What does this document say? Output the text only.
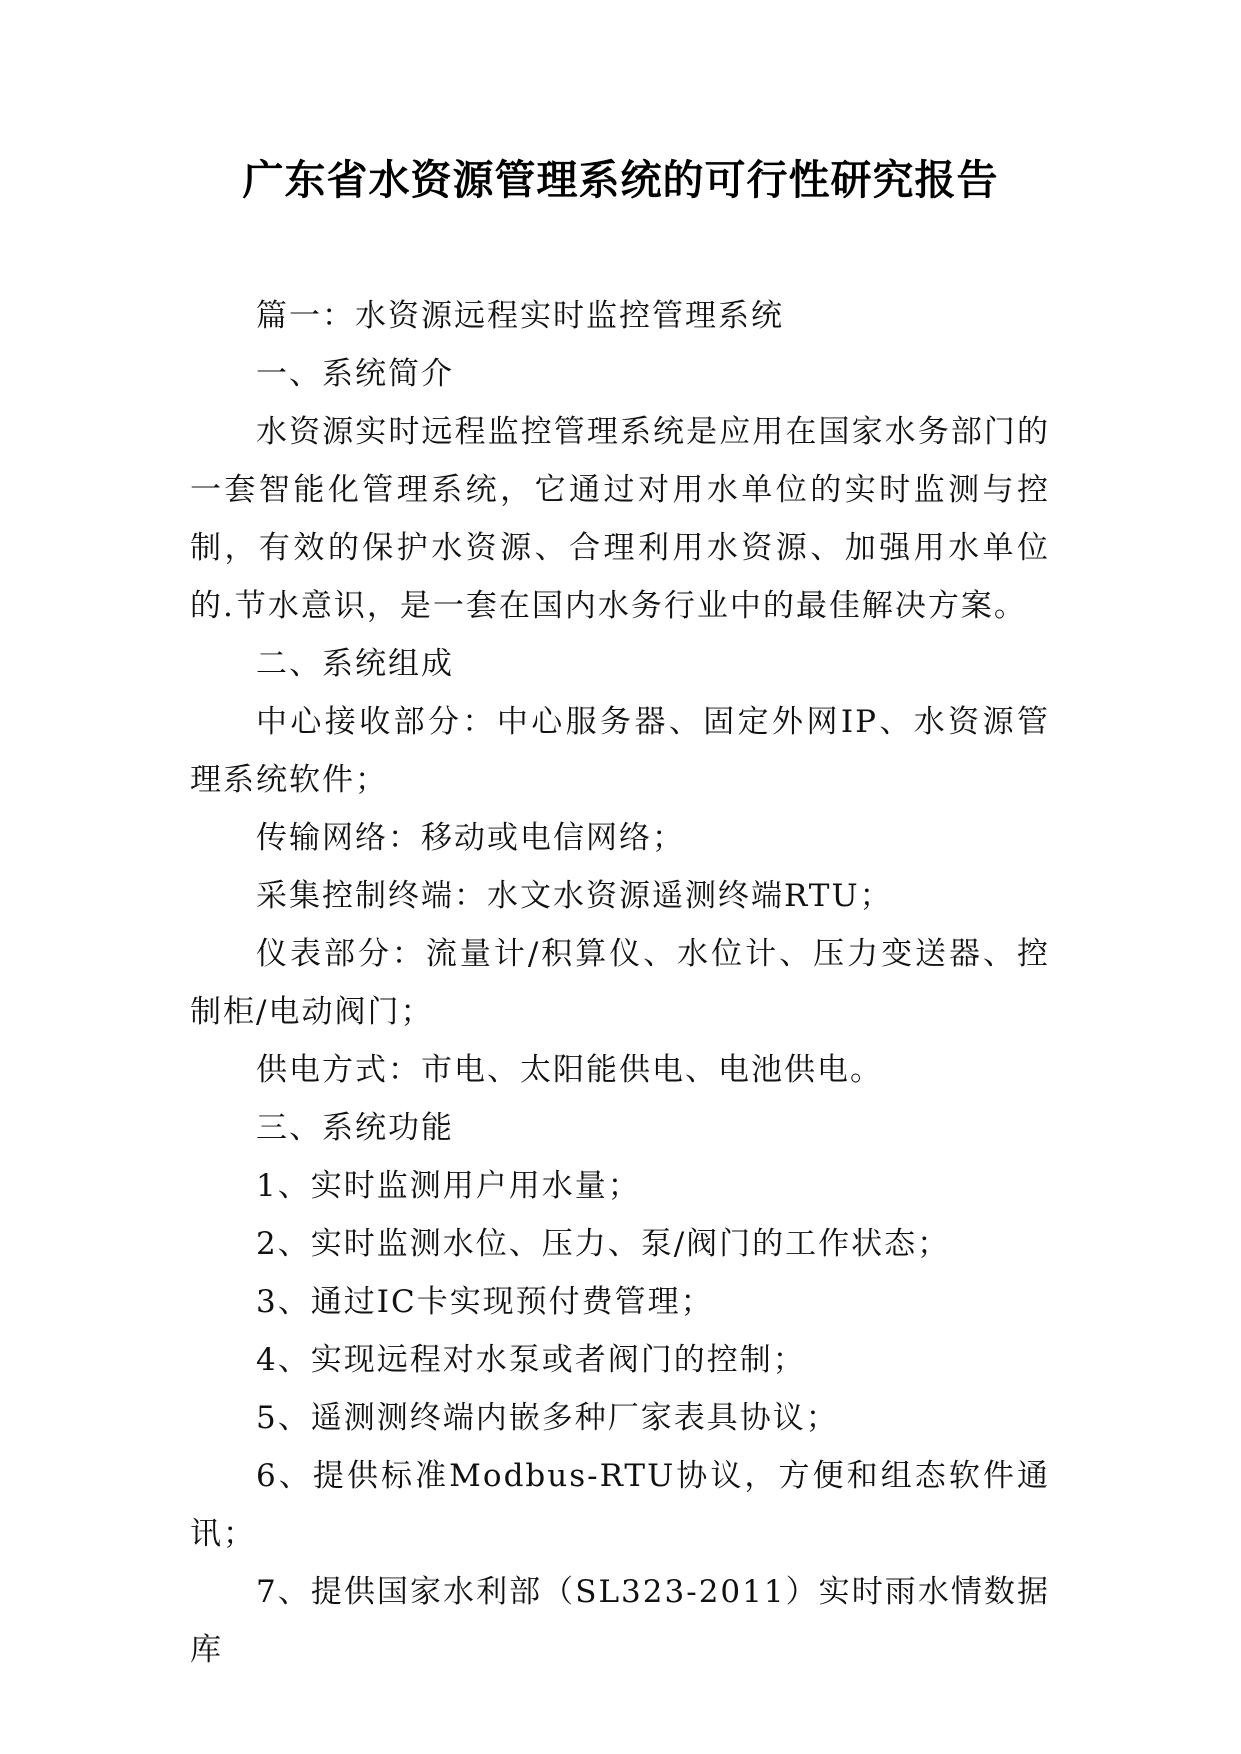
广东省水资源管理系统的可行性研究报告

篇一：水资源远程实时监控管理系统

一、系统简介

水资源实时远程监控管理系统是应用在国家水务部门的一套智能化管理系统，它通过对用水单位的实时监测与控制，有效的保护水资源、合理利用水资源、加强用水单位的.节水意识，是一套在国内水务行业中的最佳解决方案。

二、系统组成

中心接收部分：中心服务器、固定外网IP、水资源管理系统软件；

传输网络：移动或电信网络；

采集控制终端：水文水资源遥测终端RTU；

仪表部分：流量计/积算仪、水位计、压力变送器、控制柜/电动阀门；

供电方式：市电、太阳能供电、电池供电。

三、系统功能

1、实时监测用户用水量；

2、实时监测水位、压力、泵/阀门的工作状态；

3、通过IC卡实现预付费管理；

4、实现远程对水泵或者阀门的控制；

5、遥测测终端内嵌多种厂家表具协议；

6、提供标准Modbus-RTU协议，方便和组态软件通讯；

7、提供国家水利部（SL323-2011）实时雨水情数据库
